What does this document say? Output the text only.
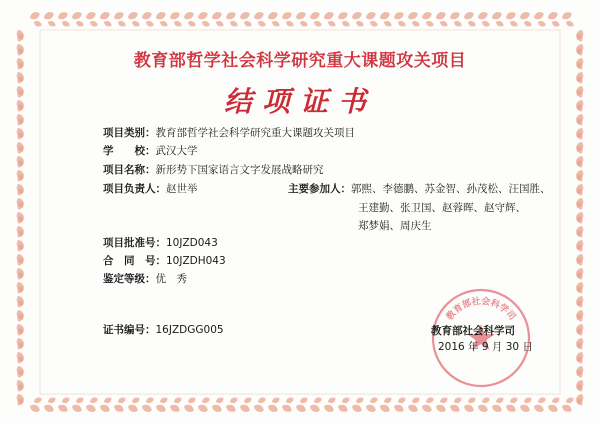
教育部哲学社会科学研究重大课题攻关项目
结项证书
项目类别：教育部哲学社会科学研究重大课题攻关项目
学　　校：武汉大学
项目名称：新形势下国家语言文字发展战略研究
项目负责人：赵世举	主要参加人：郭熙、李德鹏、苏金智、孙茂松、汪国胜、
王建勤、张卫国、赵蓉晖、赵守辉、
郑梦娟、周庆生
项目批准号：10JZD043
合　同　号：10JZDH043
鉴定等级：优　秀
证书编号：16JZDGG005
教育部社会科学司
教育部社会科学司
2016 年 9 月 30 日
